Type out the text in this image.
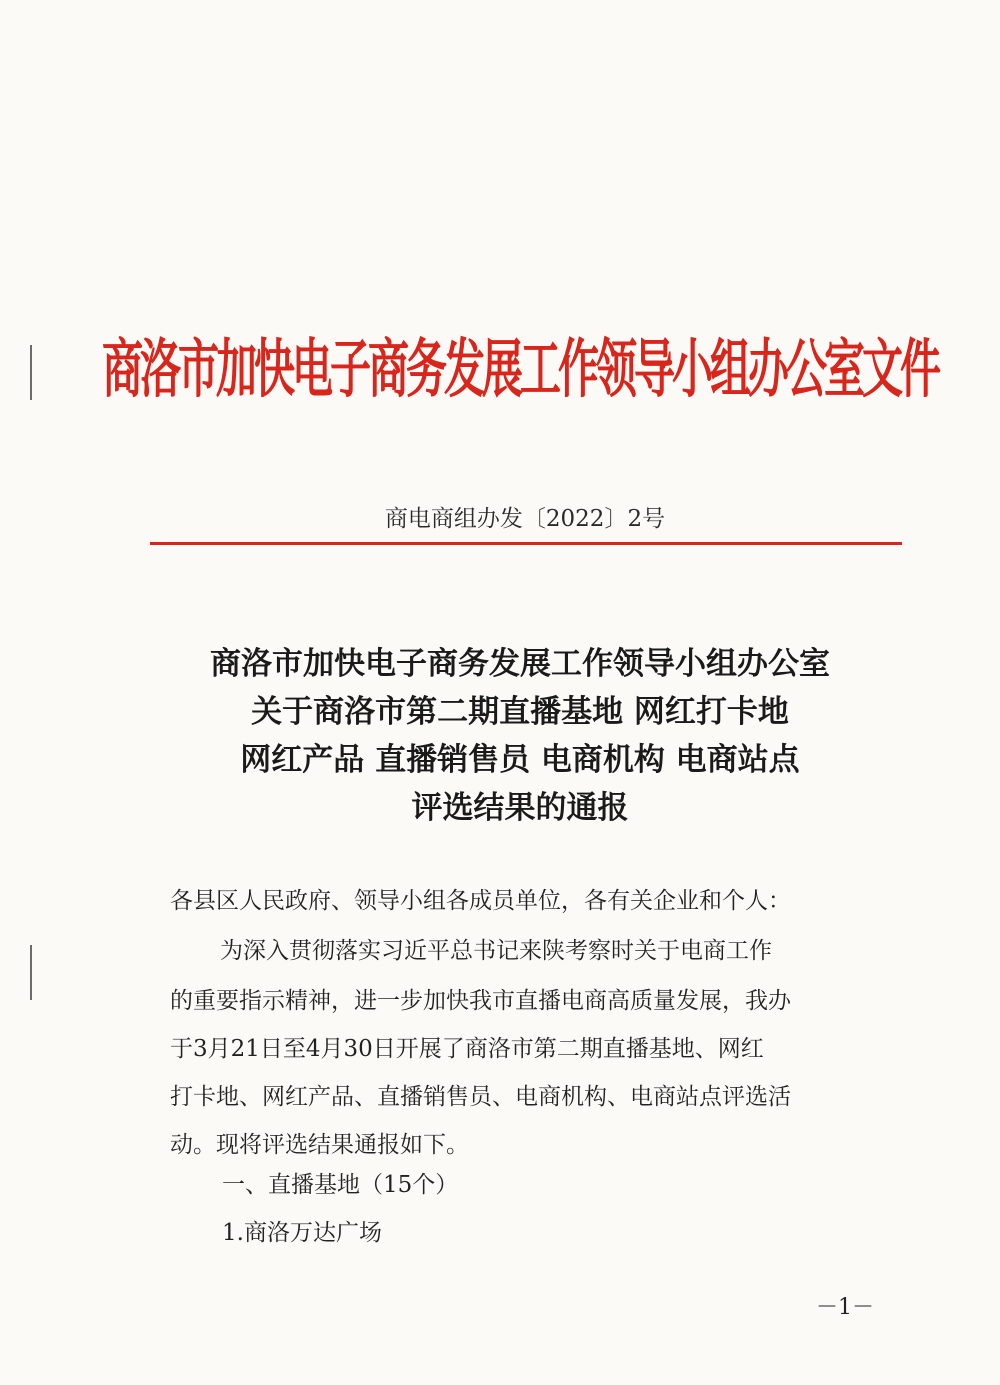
商洛市加快电子商务发展工作领导小组办公室文件
商电商组办发〔2022〕2号
商洛市加快电子商务发展工作领导小组办公室
关于商洛市第二期直播基地 网红打卡地
网红产品 直播销售员 电商机构 电商站点
评选结果的通报
各县区人民政府、领导小组各成员单位，各有关企业和个人：
为深入贯彻落实习近平总书记来陕考察时关于电商工作
的重要指示精神，进一步加快我市直播电商高质量发展，我办
于3月21日至4月30日开展了商洛市第二期直播基地、网红
打卡地、网红产品、直播销售员、电商机构、电商站点评选活
动。现将评选结果通报如下。
一、直播基地（15个）
1.商洛万达广场
－1－
